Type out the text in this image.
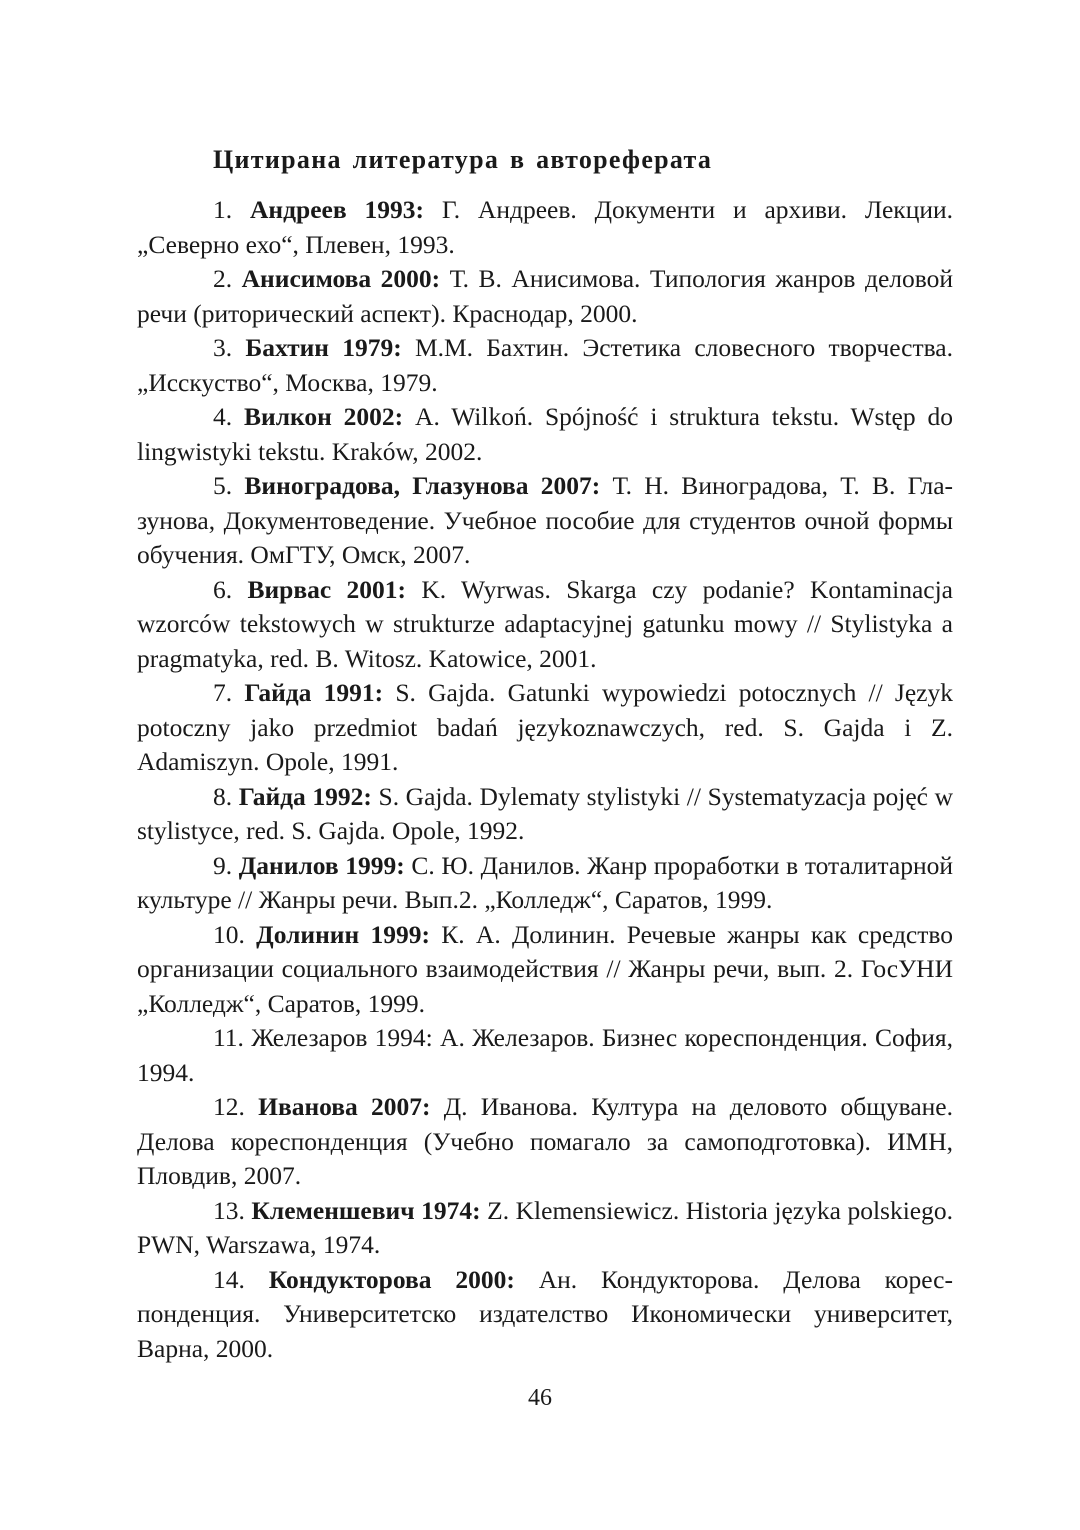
Цитирана литература в автореферата
1. Андреев 1993: Г. Андреев. Документи и архиви. Лекции. „Северно ехо“, Плевен, 1993.
2. Анисимова 2000: Т. В. Анисимова. Типология жанров деловой речи (риторический аспект). Краснодар, 2000.
3. Бахтин 1979: М.М. Бахтин. Эстетика словесного творчества. „Исскуство“, Москва, 1979.
4. Вилкон 2002: A. Wilkoń. Spójność i struktura tekstu. Wstęp do lingwistyki tekstu. Kraków, 2002.
5. Виноградова, Глазунова 2007: Т. Н. Виноградова, Т. В. Глазунова, Документоведение. Учебное пособие для студентов очной формы обучения. ОмГТУ, Омск, 2007.
6. Вирвас 2001: K. Wyrwas. Skarga czy podanie? Kontaminacja wzorców tekstowych w strukturze adaptacyjnej gatunku mowy // Stylistyka a pragmatyka, red. B. Witosz. Katowice, 2001.
7. Гайда 1991: S. Gajda. Gatunki wypowiedzi potocznych // Język potoczny jako przedmiot badań językoznawczych, red. S. Gajda i Z. Adamiszyn. Opole, 1991.
8. Гайда 1992: S. Gajda. Dylematy stylistyki // Systematyzacja pojęć w stylistyce, red. S. Gajda. Opole, 1992.
9. Данилов 1999: С. Ю. Данилов. Жанр проработки в тоталитарной культуре // Жанры речи. Вып.2. „Колледж“, Саратов, 1999.
10. Долинин 1999: К. А. Долинин. Речевые жанры как средство организации социального взаимодействия // Жанры речи, вып. 2. ГосУНИ „Колледж“, Саратов, 1999.
11. Железаров 1994: А. Железаров. Бизнес кореспонденция. София, 1994.
12. Иванова 2007: Д. Иванова. Култура на деловото общуване. Делова кореспонденция (Учебно помагало за самоподготовка). ИМН, Пловдив, 2007.
13. Клеменшевич 1974: Z. Klemensiewicz. Historia języka polskiego. PWN, Warszawa, 1974.
14. Кондукторова 2000: Ан. Кондукторова. Делова кореспонденция. Университетско издателство Икономически университет, Варна, 2000.
46
